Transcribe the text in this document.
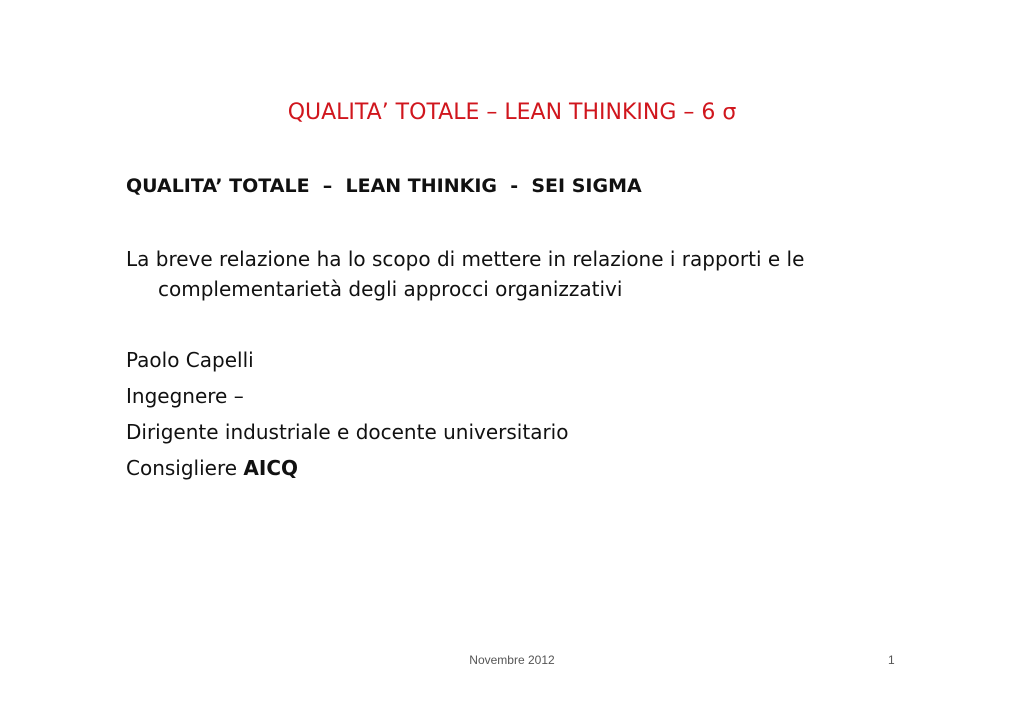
QUALITA’ TOTALE – LEAN THINKING – 6 σ
QUALITA’ TOTALE  –  LEAN THINKIG  -  SEI SIGMA
La breve relazione ha lo scopo di mettere in relazione i rapporti e le complementarietà degli approcci organizzativi
Paolo Capelli
Ingegnere –
Dirigente industriale e docente universitario
Consigliere AICQ
Novembre 2012	1
